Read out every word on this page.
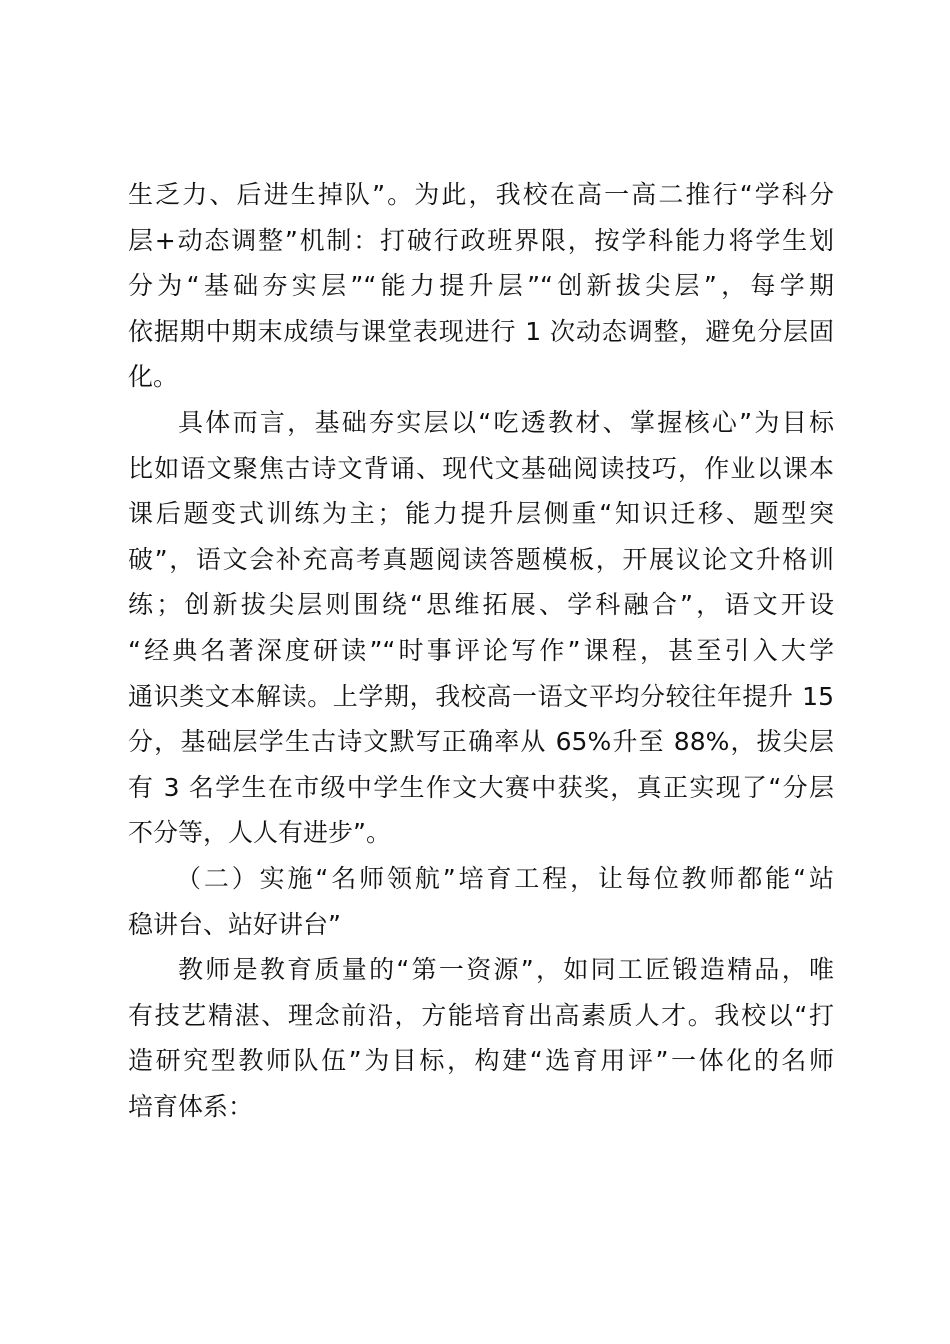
生乏力、后进生掉队”。为此，我校在高一高二推行“学科分
层+动态调整”机制：打破行政班界限，按学科能力将学生划
分为“基础夯实层”“能力提升层”“创新拔尖层”，每学期
依据期中期末成绩与课堂表现进行 1 次动态调整，避免分层固
化。
具体而言，基础夯实层以“吃透教材、掌握核心”为目标
比如语文聚焦古诗文背诵、现代文基础阅读技巧，作业以课本
课后题变式训练为主；能力提升层侧重“知识迁移、题型突
破”，语文会补充高考真题阅读答题模板，开展议论文升格训
练；创新拔尖层则围绕“思维拓展、学科融合”，语文开设
“经典名著深度研读”“时事评论写作”课程，甚至引入大学
通识类文本解读。上学期，我校高一语文平均分较往年提升 15
分，基础层学生古诗文默写正确率从 65%升至 88%，拔尖层
有 3 名学生在市级中学生作文大赛中获奖，真正实现了“分层
不分等，人人有进步”。
（二）实施“名师领航”培育工程，让每位教师都能“站
稳讲台、站好讲台”
教师是教育质量的“第一资源”，如同工匠锻造精品，唯
有技艺精湛、理念前沿，方能培育出高素质人才。我校以“打
造研究型教师队伍”为目标，构建“选育用评”一体化的名师
培育体系：
